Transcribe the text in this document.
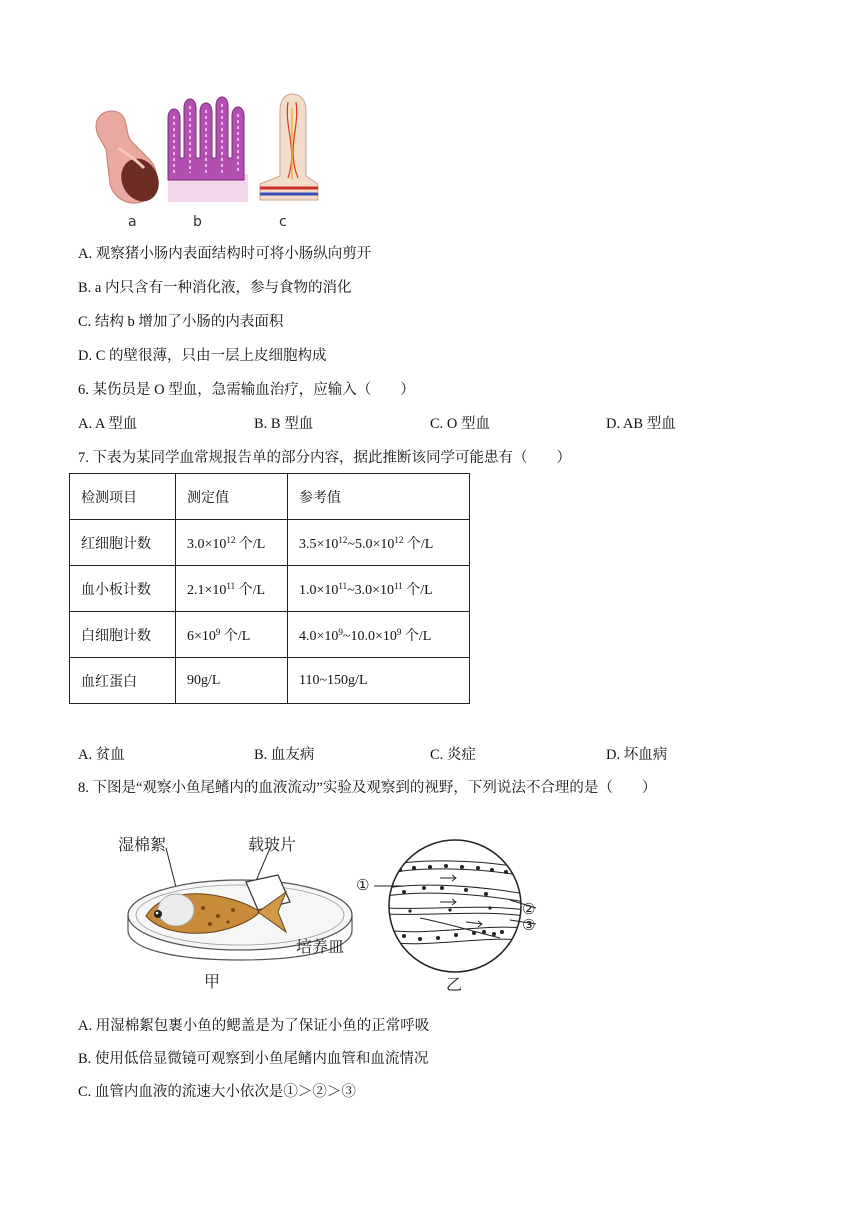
a	b	c
A. 观察猪小肠内表面结构时可将小肠纵向剪开
B. a 内只含有一种消化液，参与食物的消化
C. 结构 b 增加了小肠的内表面积
D. C 的壁很薄，只由一层上皮细胞构成
6. 某伤员是 O 型血，急需输血治疗，应输入（　　）
A. A 型血	B. B 型血	C. O 型血	D. AB 型血
7. 下表为某同学血常规报告单的部分内容，据此推断该同学可能患有（　　）
检测项目	测定值	参考值
红细胞计数	$3.0\times 10^{12}$ 个/L	$3.5\times 10^{12}\sim 5.0\times 10^{12}$ 个/L
血小板计数	$2.1\times 10^{11}$ 个/L	$1.0\times 10^{11}\sim 3.0\times 10^{11}$ 个/L
白细胞计数	$6\times 10^9$ 个/L	$4.0\times 10^9\sim 10.0\times 10^9$ 个/L
血红蛋白	90g/L	110~150g/L
A. 贫血	B. 血友病	C. 炎症	D. 坏血病
8. 下图是“观察小鱼尾鳍内的血液流动”实验及观察到的视野，下列说法不合理的是（　　）
湿棉絮	载玻片
培养皿
甲
①
②
③
乙
A. 用湿棉絮包裹小鱼的鳃盖是为了保证小鱼的正常呼吸
B. 使用低倍显微镜可观察到小鱼尾鳍内血管和血流情况
C. 血管内血液的流速大小依次是①＞②＞③
